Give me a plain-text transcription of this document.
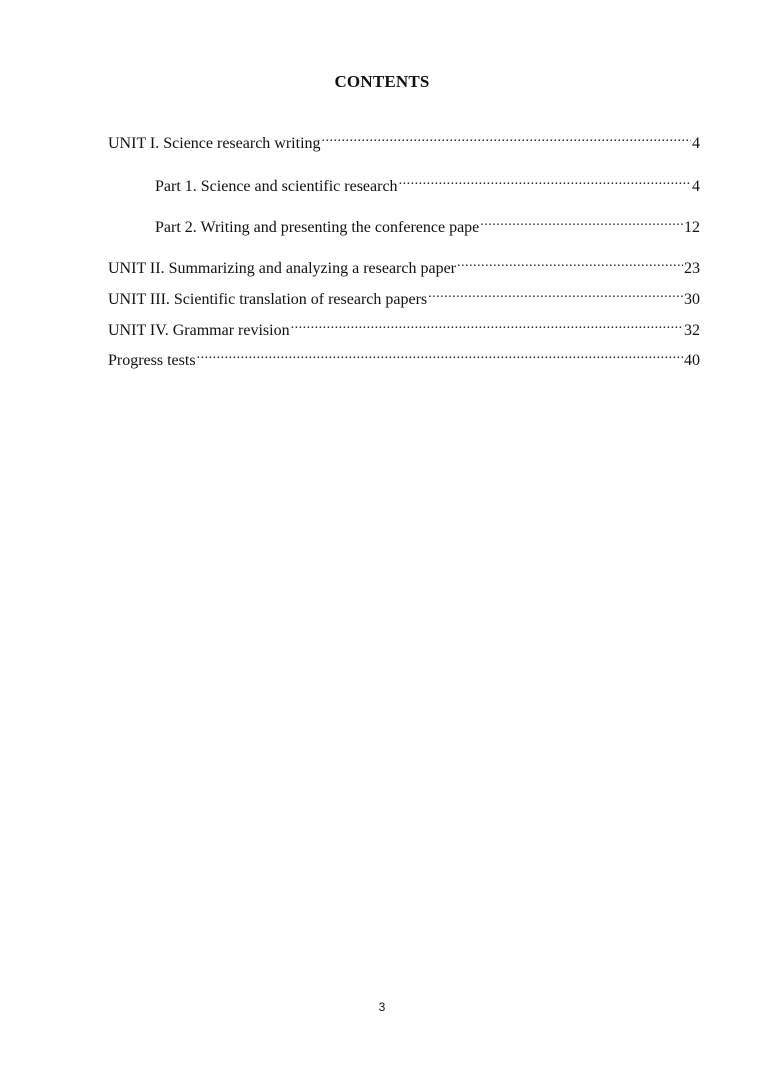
CONTENTS
UNIT I. Science research writing .....	4
Part 1. Science and scientific research .....	4
Part 2. Writing and presenting the conference pape .....	12
UNIT II. Summarizing and analyzing a research paper .....	23
UNIT III. Scientific translation of research papers .....	30
UNIT IV. Grammar revision .....	32
Progress tests .....	40
3
